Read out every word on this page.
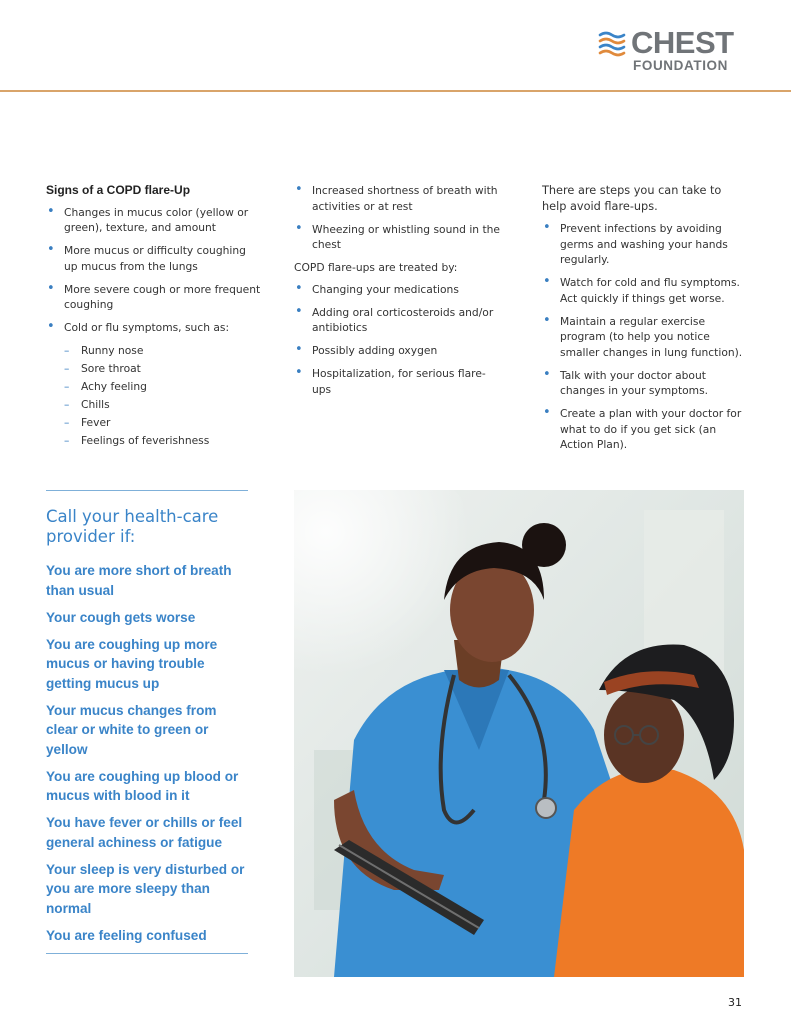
CHEST
FOUNDATION
Signs of a COPD flare-Up
• Changes in mucus color (yellow or green), texture, and amount
• More mucus or difficulty coughing up mucus from the lungs
• More severe cough or more frequent coughing
• Cold or flu symptoms, such as:
– Runny nose
– Sore throat
– Achy feeling
– Chills
– Fever
– Feelings of feverishness
• Increased shortness of breath with activities or at rest
• Wheezing or whistling sound in the chest
COPD flare-ups are treated by:
• Changing your medications
• Adding oral corticosteroids and/or antibiotics
• Possibly adding oxygen
• Hospitalization, for serious flare-ups
There are steps you can take to help avoid flare-ups.
• Prevent infections by avoiding germs and washing your hands regularly.
• Watch for cold and flu symptoms. Act quickly if things get worse.
• Maintain a regular exercise program (to help you notice smaller changes in lung function).
• Talk with your doctor about changes in your symptoms.
• Create a plan with your doctor for what to do if you get sick (an Action Plan).
Call your health-care provider if:
You are more short of breath than usual
Your cough gets worse
You are coughing up more mucus or having trouble getting mucus up
Your mucus changes from clear or white to green or yellow
You are coughing up blood or mucus with blood in it
You have fever or chills or feel general achiness or fatigue
Your sleep is very disturbed or you are more sleepy than normal
You are feeling confused
31
